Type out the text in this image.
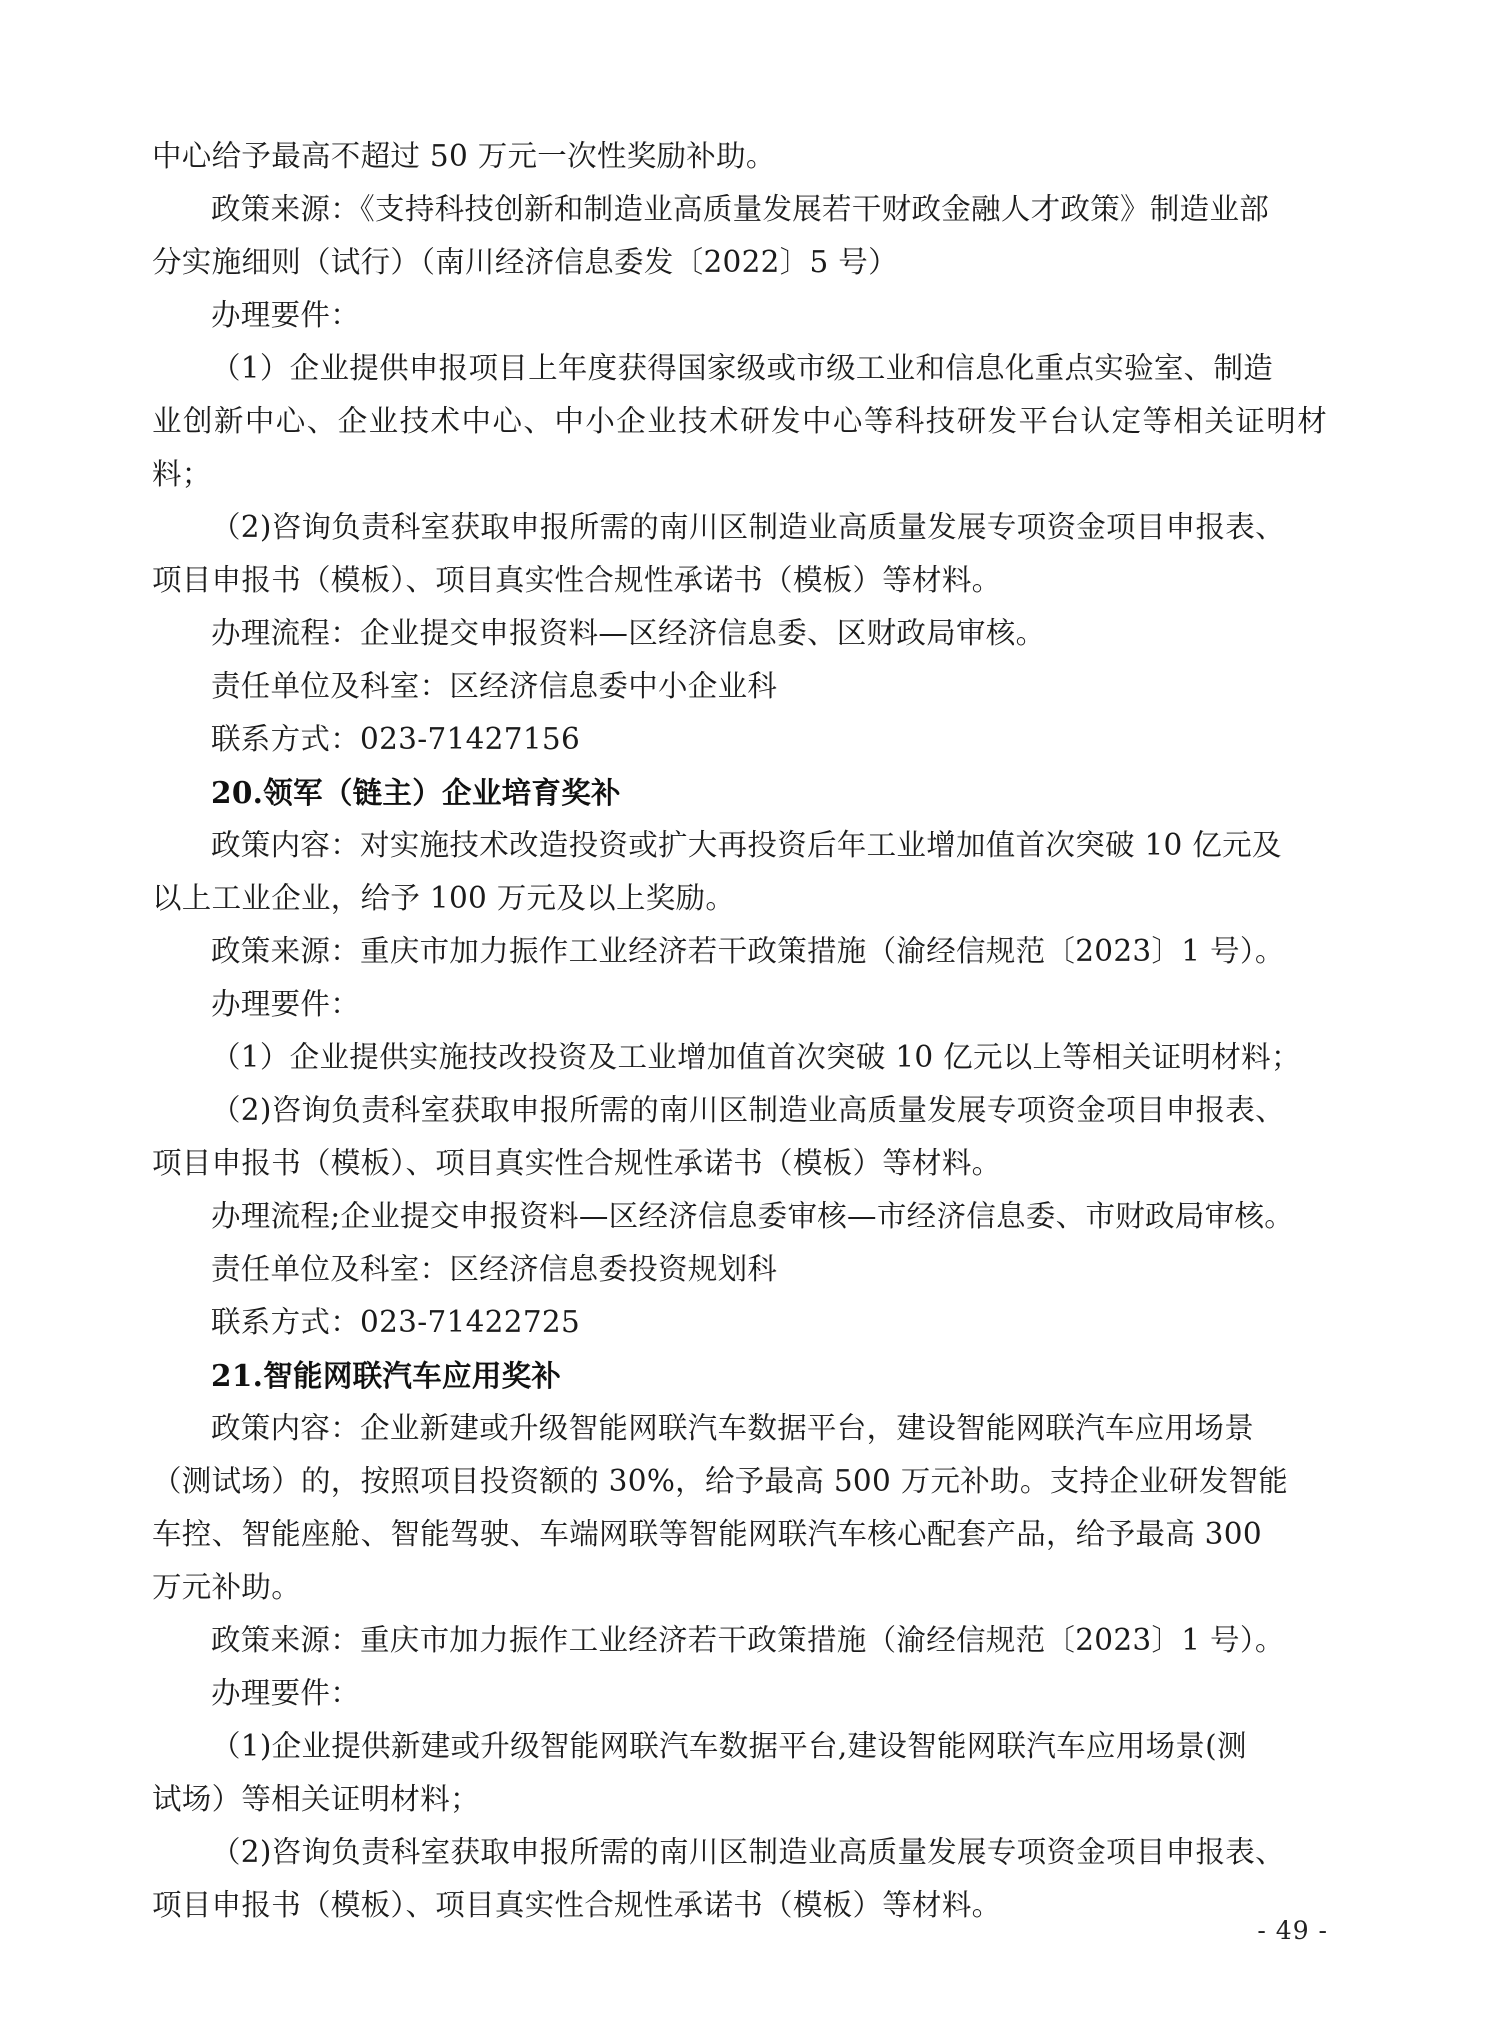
中心给予最高不超过 50 万元一次性奖励补助。

政策来源：《支持科技创新和制造业高质量发展若干财政金融人才政策》制造业部

分实施细则（试行）（南川经济信息委发〔2022〕5 号）

办理要件：

（1）企业提供申报项目上年度获得国家级或市级工业和信息化重点实验室、制造

业创新中心、企业技术中心、中小企业技术研发中心等科技研发平台认定等相关证明材料；

（2)咨询负责科室获取申报所需的南川区制造业高质量发展专项资金项目申报表、

项目申报书（模板）、项目真实性合规性承诺书（模板）等材料。

办理流程：企业提交申报资料—区经济信息委、区财政局审核。

责任单位及科室：区经济信息委中小企业科

联系方式：023-71427156

20.领军（链主）企业培育奖补

政策内容：对实施技术改造投资或扩大再投资后年工业增加值首次突破 10 亿元及

以上工业企业，给予 100 万元及以上奖励。

政策来源：重庆市加力振作工业经济若干政策措施（渝经信规范〔2023〕1 号）。

办理要件：

（1）企业提供实施技改投资及工业增加值首次突破 10 亿元以上等相关证明材料；

（2)咨询负责科室获取申报所需的南川区制造业高质量发展专项资金项目申报表、

项目申报书（模板）、项目真实性合规性承诺书（模板）等材料。

办理流程;企业提交申报资料—区经济信息委审核—市经济信息委、市财政局审核。

责任单位及科室：区经济信息委投资规划科

联系方式：023-71422725

21.智能网联汽车应用奖补

政策内容：企业新建或升级智能网联汽车数据平台，建设智能网联汽车应用场景

（测试场）的，按照项目投资额的 30%，给予最高 500 万元补助。支持企业研发智能

车控、智能座舱、智能驾驶、车端网联等智能网联汽车核心配套产品，给予最高 300

万元补助。

政策来源：重庆市加力振作工业经济若干政策措施（渝经信规范〔2023〕1 号）。

办理要件：

（1)企业提供新建或升级智能网联汽车数据平台,建设智能网联汽车应用场景(测

试场）等相关证明材料；

（2)咨询负责科室获取申报所需的南川区制造业高质量发展专项资金项目申报表、

项目申报书（模板）、项目真实性合规性承诺书（模板）等材料。

- 49 -
